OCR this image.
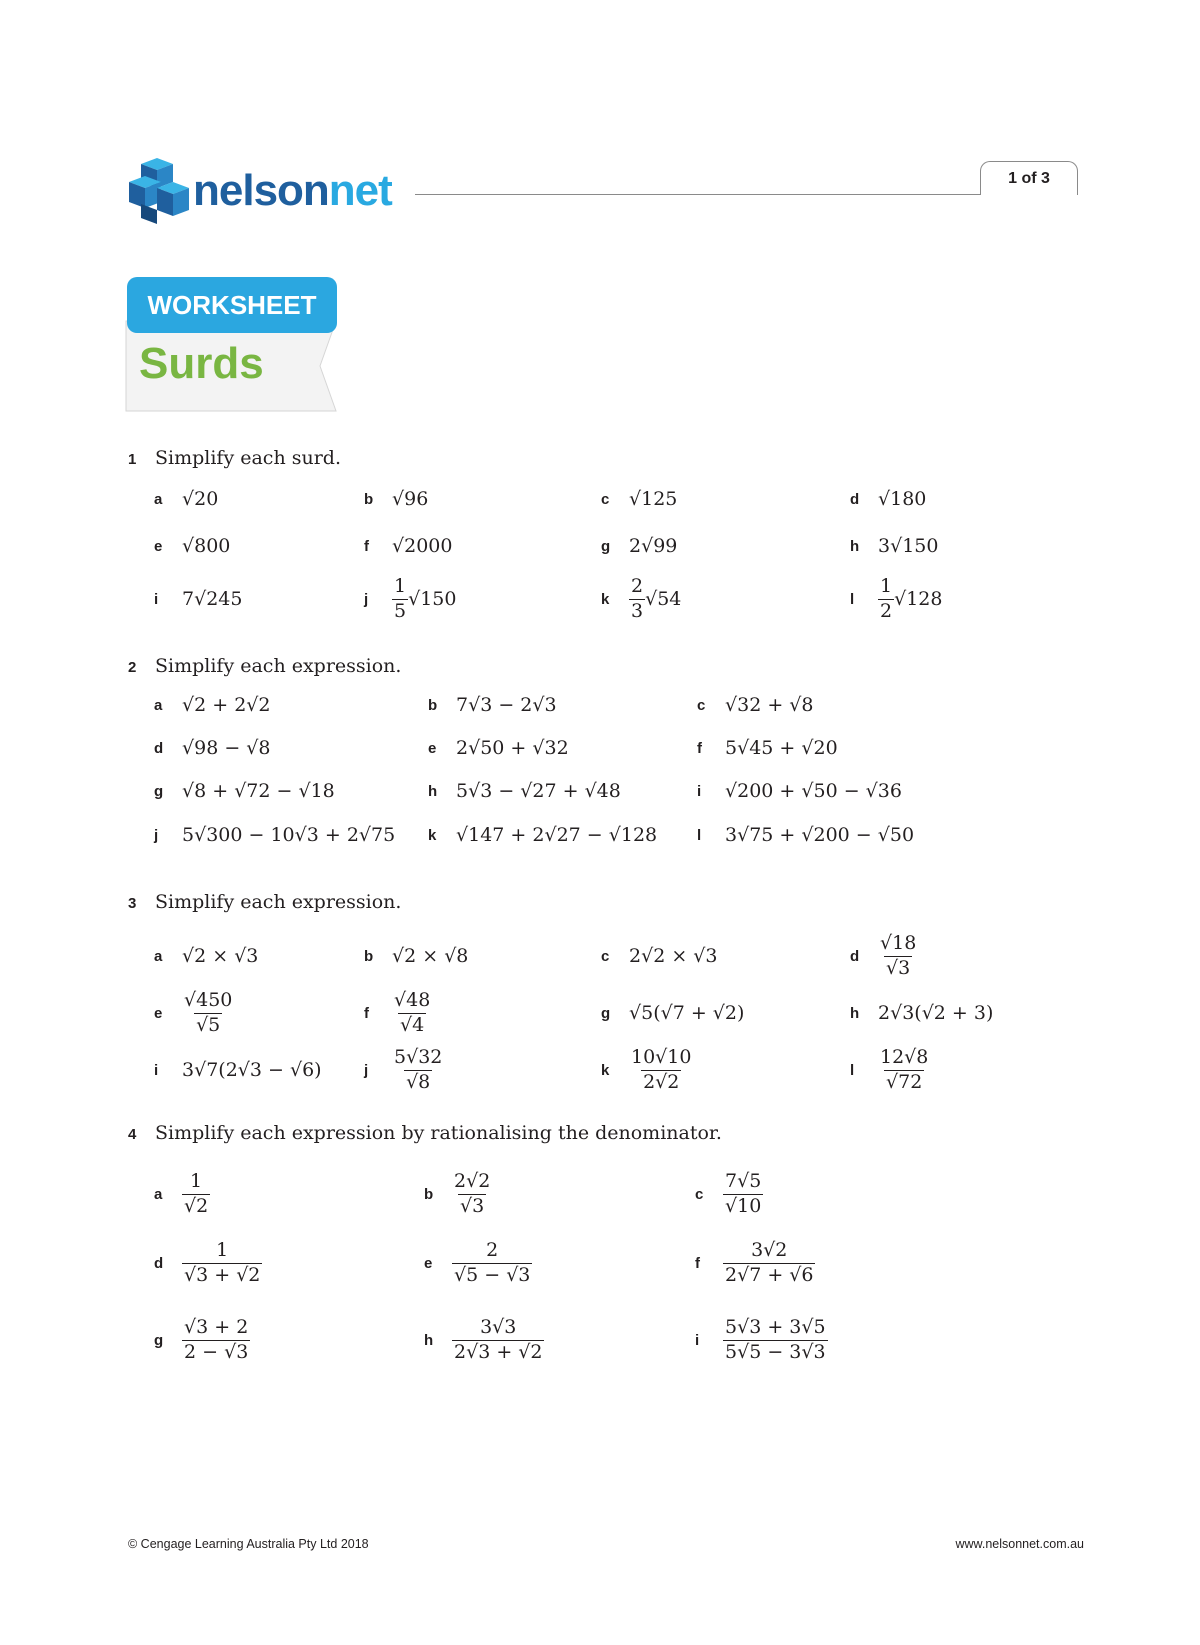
nelsonnet	1 of 3
WORKSHEET
Surds
1 Simplify each surd.
a	√20	b √96	c	√125	d √180
e	√800	f	√2000	g 2√99	h 3√150
i	7√245	j	$\frac{1}{5} √150$	k	$\frac{2}{3} √54$	l	$\frac{1}{2} √128$
2 Simplify each expression.
a	√2 + 2√2	b 7√3 − 2√3	c	√32 + √8
d √98 − √8	e	2√50 + √32	f	5√45 + √20
g √8 + √72 − √18	h 5√3 − √27 + √48	i	√200 + √50 − √36
j	5√300 − 10√3 + 2√75 k	√147 + 2√27 − √128	l	3√75 + √200 − √50
3 Simplify each expression.
a	√2 × √3	b √2 × √8	c	2√2 × √3	d $\frac{√18}{√3}$
e	$\frac{√450}{√5}$	f	$\frac{√48}{√4}$	g √5(√7 + √2)	h 2√3(√2 + 3)
i	3√7(2√3 − √6)	j	$\frac{5√32}{√8}$	k	$\frac{10√10}{2√2}$	l	$\frac{12√8}{√72}$
4 Simplify each expression by rationalising the denominator.
a	$\frac{1}{√2}$	b $\frac{2√2}{√3}$	c	$\frac{7√5}{√10}$
d $\frac{1}{√3 + √2}$	e	$\frac{2}{√5 - √3}$	f	$\frac{3√2}{2√7 + √6}$
g $\frac{√3 + 2}{2 - √3}$	h $\frac{3√3}{2√3 + √2}$	i	$\frac{5√3 + 3√5}{5√5 - 3√3}$
© Cengage Learning Australia Pty Ltd 2018	www.nelsonnet.com.au
